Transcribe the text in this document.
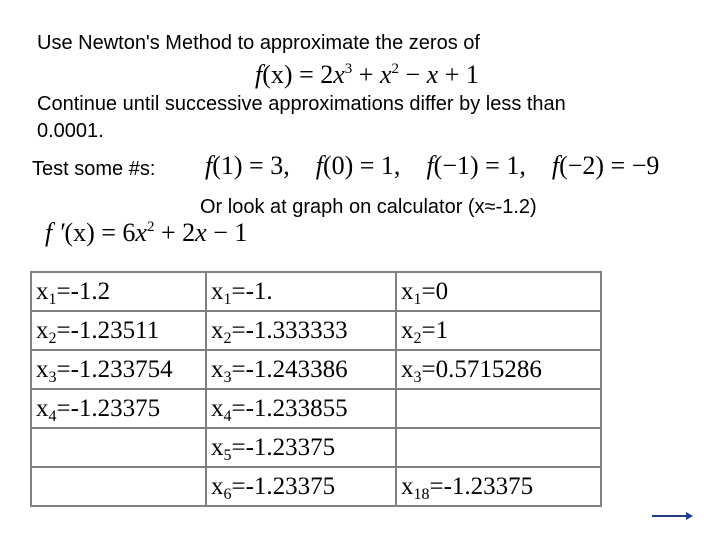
Use Newton's Method to approximate the zeros of
$f(x) = 2x^3 + x^2 - x + 1$
Continue until successive approximations differ by less than
0.0001.
Test some #s: f(1) = 3, f(0) = 1, f(−1) = 1, f(−2) = −9
Or look at graph on calculator (x≈-1.2)
f $'(x) = 6x^2 + 2x - 1$
$x_1=-1.2$	$x_1=-1$.	$x_1=0$
$x_2=-1.23511$	$x_2=-1.333333$	$x_2=1$
$x_3=-1.233754$	$x_3=-1.243386$	$x_3=0.5715286$
$x_4=-1.23375$	$x_4=-1.233855$	
	$x_5=-1.23375$	
	$x_6=-1.23375$	$x_{18}=-1.23375$
